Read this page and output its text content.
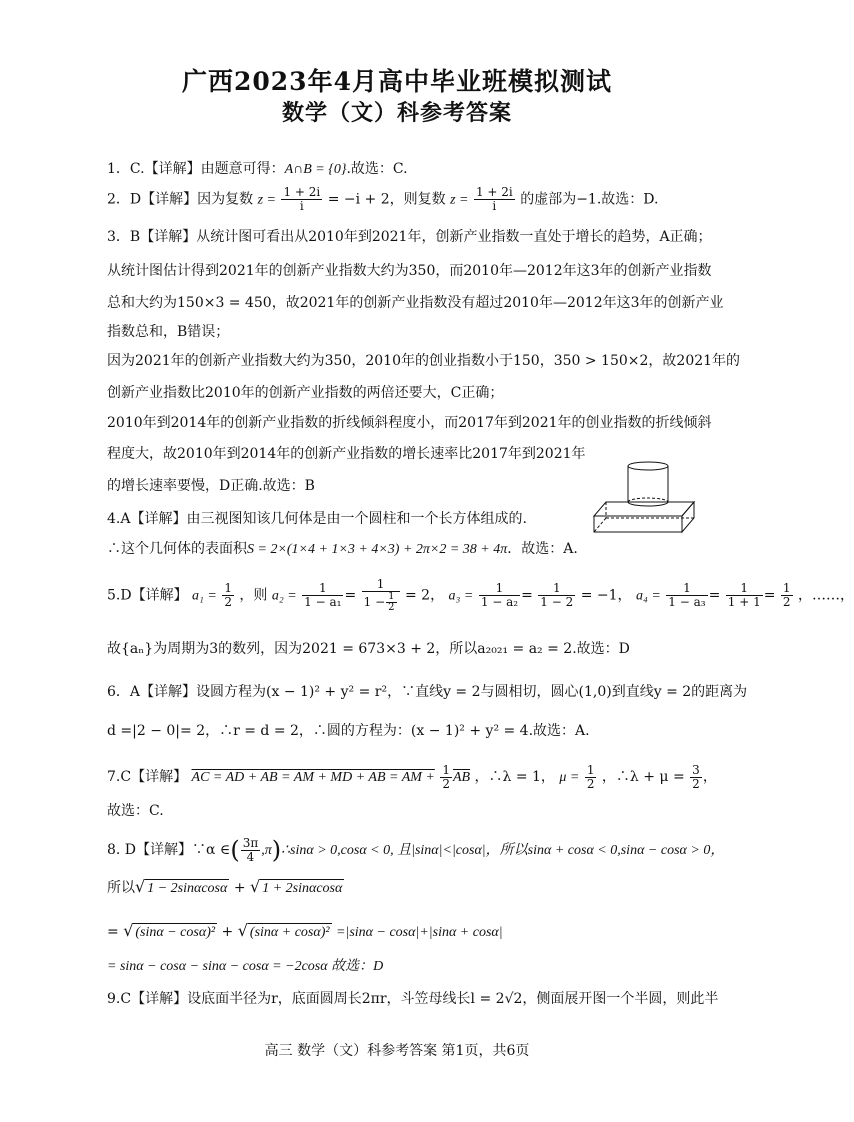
广西2023年4月高中毕业班模拟测试
数学（文）科参考答案
1．C.【详解】由题意可得：A∩B = {0}.故选：C.
2．D【详解】因为复数 $z = \frac{1 + 2i}{i} = -i + 2$，则复数 $z = \frac{1 + 2i}{i}$ 的虚部为−1.故选：D.
3．B【详解】从统计图可看出从2010年到2021年，创新产业指数一直处于增长的趋势，A正确；
从统计图估计得到2021年的创新产业指数大约为350，而2010年—2012年这3年的创新产业指数
总和大约为150×3 = 450，故2021年的创新产业指数没有超过2010年—2012年这3年的创新产业
指数总和，B错误；
因为2021年的创新产业指数大约为350，2010年的创业指数小于150，350 > 150×2，故2021年的
创新产业指数比2010年的创新产业指数的两倍还要大，C正确；
2010年到2014年的创新产业指数的折线倾斜程度小，而2017年到2021年的创业指数的折线倾斜
程度大，故2010年到2014年的创新产业指数的增长速率比2017年到2021年
的增长速率要慢，D正确.故选：B
4.A【详解】由三视图知该几何体是由一个圆柱和一个长方体组成的.
∴这个几何体的表面积S = 2×(1×4 + 1×3 + 4×3) + 2π×2 = 38 + 4π．故选：A.
5.D【详解】 $a_1 = \frac{1}{2}$ ，则 $a_2 = \frac{1}{\text{1 − a₁}} = \frac{1}{1 - \frac{1}{2}} = 2$， $a_3 = \frac{1}{\text{1 − a₂}} = \frac{1}{1 - 2} = -1$， $a_4 = \frac{1}{\text{1 − a₃}} = \frac{1}{1 + 1} = \frac{1}{2}$ ，……，
故{aₙ}为周期为3的数列，因为2021 = 673×3 + 2，所以a₂₀₂₁ = a₂ = 2.故选：D
6．A【详解】设圆方程为(x − 1)² + y² = r²，∵直线y = 2与圆相切，圆心(1,0)到直线y = 2的距离为
d =|2 − 0|= 2，∴r = d = 2，∴圆的方程为：(x − 1)² + y² = 4.故选：A.
7.C【详解】 AC = AD + AB = AM + MD + AB = AM + $\frac{1}{2} \overline{AB}$ ，∴λ = 1， $\mu = \frac{1}{2}$ ，∴λ + $\mu = \frac{3}{2}$ ，
故选：C.
8. D【详解】∵α ∈( $\frac{3\pi}{4}$ ,π)∴sinα > 0,cosα < 0, 且|sinα|<|cosα|，所以sinα + cosα < 0,sinα − cosα > 0，
所以√ 1 − 2sinαcosα + √ 1 + 2sinαcosα
= √ (sinα − cosα)² + √ (sinα + cosα)² =|sinα − cosα|+|sinα + cosα|
= sinα − cosα − sinα − cosα = −2cosα 故选：D
9.C【详解】设底面半径为r，底面圆周长2πr，斗笠母线长l = 2√2，侧面展开图一个半圆，则此半
高三 数学（文）科参考答案 第1页，共6页
